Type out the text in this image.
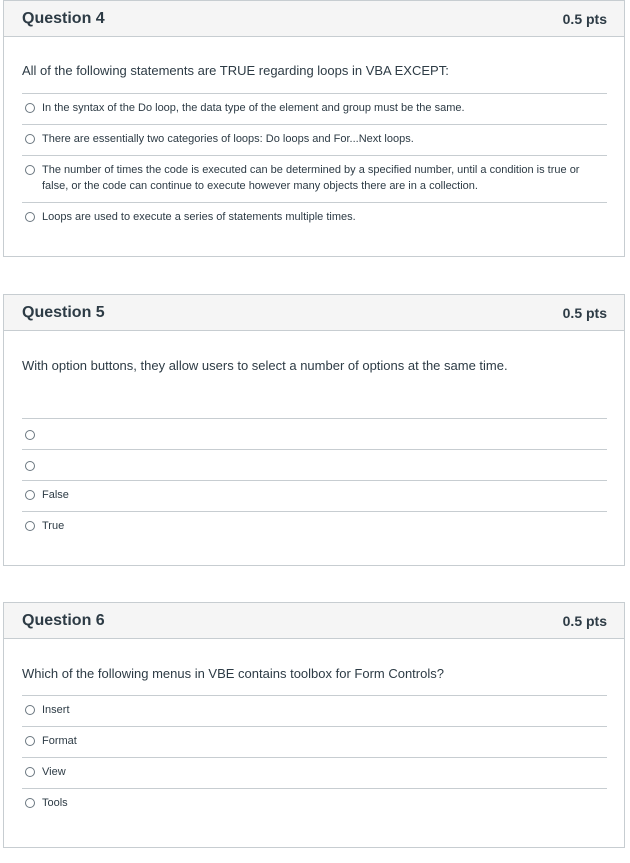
Question 4	0.5 pts
All of the following statements are TRUE regarding loops in VBA EXCEPT:
In the syntax of the Do loop, the data type of the element and group must be the same.
There are essentially two categories of loops: Do loops and For...Next loops.
The number of times the code is executed can be determined by a specified number, until a condition is true or false, or the code can continue to execute however many objects there are in a collection.
Loops are used to execute a series of statements multiple times.
Question 5	0.5 pts
With option buttons, they allow users to select a number of options at the same time.
False
True
Question 6	0.5 pts
Which of the following menus in VBE contains toolbox for Form Controls?
Insert
Format
View
Tools
